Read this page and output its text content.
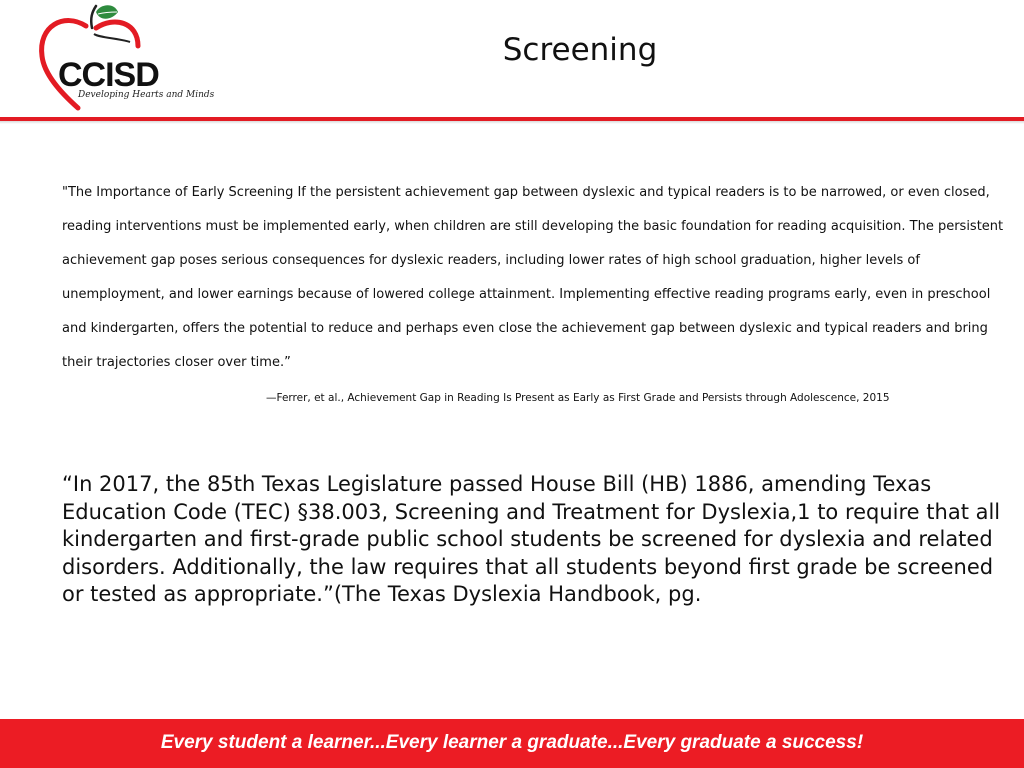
CCISD
Developing Hearts and Minds
Screening

"The Importance of Early Screening If the persistent achievement gap between dyslexic and typical readers is to be narrowed, or even closed, reading interventions must be implemented early, when children are still developing the basic foundation for reading acquisition. The persistent achievement gap poses serious consequences for dyslexic readers, including lower rates of high school graduation, higher levels of unemployment, and lower earnings because of lowered college attainment. Implementing effective reading programs early, even in preschool and kindergarten, offers the potential to reduce and perhaps even close the achievement gap between dyslexic and typical readers and bring their trajectories closer over time.”

—Ferrer, et al., Achievement Gap in Reading Is Present as Early as First Grade and Persists through Adolescence, 2015

“In 2017, the 85th Texas Legislature passed House Bill (HB) 1886, amending Texas Education Code (TEC) §38.003, Screening and Treatment for Dyslexia,1 to require that all kindergarten and first-grade public school students be screened for dyslexia and related disorders. Additionally, the law requires that all students beyond first grade be screened or tested as appropriate.”(The Texas Dyslexia Handbook, pg.

Every student a learner...Every learner a graduate...Every graduate a success!
